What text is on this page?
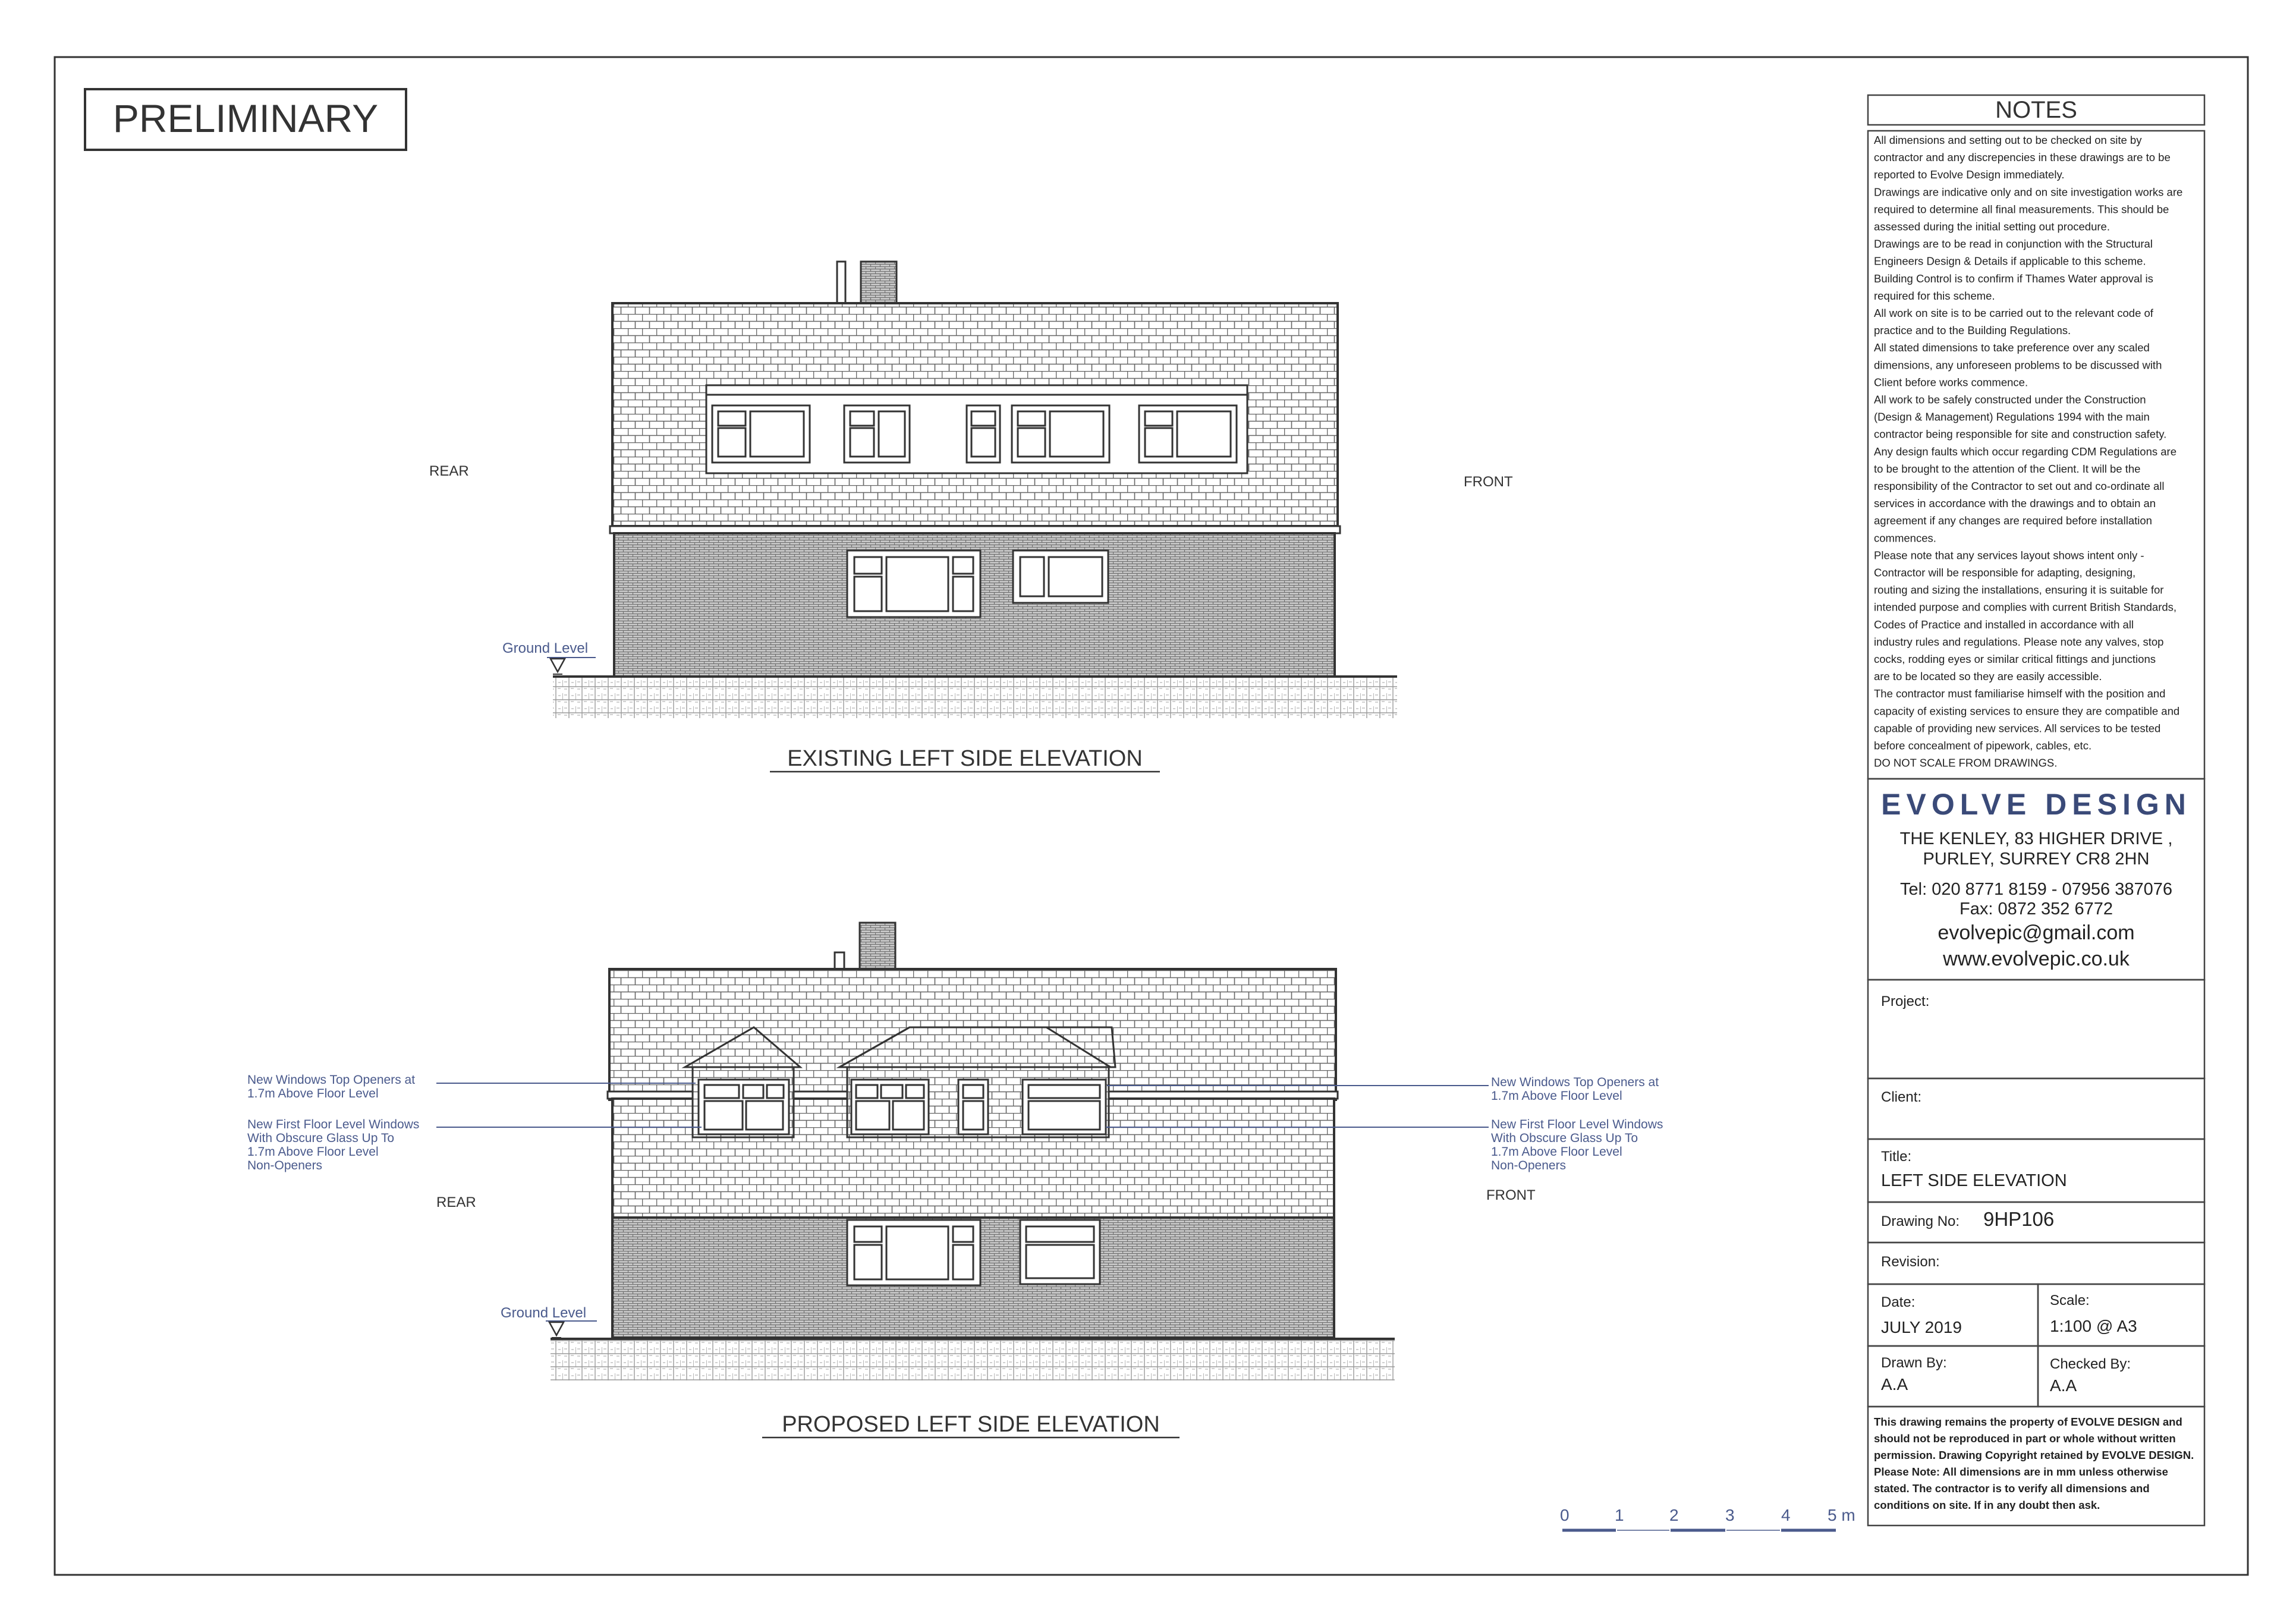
PRELIMINARY
Ground Level
REAR
FRONT
EXISTING LEFT SIDE ELEVATION
Ground Level
REAR	FRONT
New Windows Top Openers at
1.7m Above Floor Level
New First Floor Level Windows
With Obscure Glass Up To
1.7m Above Floor Level
Non-Openers
New Windows Top Openers at
1.7m Above Floor Level
New First Floor Level Windows
With Obscure Glass Up To
1.7m Above Floor Level
Non-Openers
PROPOSED LEFT SIDE ELEVATION
0	1	2	3	4 5 m
NOTES
All dimensions and setting out to be checked on site by
contractor and any discrepencies in these drawings are to be
reported to Evolve Design immediately.
Drawings are indicative only and on site investigation works are
required to determine all final measurements. This should be
assessed during the initial setting out procedure.
Drawings are to be read in conjunction with the Structural
Engineers Design & Details if applicable to this scheme.
Building Control is to confirm if Thames Water approval is
required for this scheme.
All work on site is to be carried out to the relevant code of
practice and to the Building Regulations.
All stated dimensions to take preference over any scaled
dimensions, any unforeseen problems to be discussed with
Client before works commence.
All work to be safely constructed under the Construction
(Design & Management) Regulations 1994 with the main
contractor being responsible for site and construction safety.
Any design faults which occur regarding CDM Regulations are
to be brought to the attention of the Client. It will be the
responsibility of the Contractor to set out and co-ordinate all
services in accordance with the drawings and to obtain an
agreement if any changes are required before installation
commences.
Please note that any services layout shows intent only -
Contractor will be responsible for adapting, designing,
routing and sizing the installations, ensuring it is suitable for
intended purpose and complies with current British Standards,
Codes of Practice and installed in accordance with all
industry rules and regulations. Please note any valves, stop
cocks, rodding eyes or similar critical fittings and junctions
are to be located so they are easily accessible.
The contractor must familiarise himself with the position and
capacity of existing services to ensure they are compatible and
capable of providing new services. All services to be tested
before concealment of pipework, cables, etc.
DO NOT SCALE FROM DRAWINGS.
EVOLVE DESIGN
THE KENLEY, 83 HIGHER DRIVE ,
PURLEY, SURREY CR8 2HN
Tel: 020 8771 8159 - 07956 387076
Fax: 0872 352 6772
evolvepic@gmail.com
www.evolvepic.co.uk
Project:
Client:
Title:
LEFT SIDE ELEVATION
Drawing No: 9HP106
Revision:
Date:
JULY 2019
Scale:
1:100 @ A3
Drawn By:
A.A
Checked By:
A.A
This drawing remains the property of EVOLVE DESIGN and
should not be reproduced in part or whole without written
permission. Drawing Copyright retained by EVOLVE DESIGN.
Please Note: All dimensions are in mm unless otherwise
stated. The contractor is to verify all dimensions and
conditions on site. If in any doubt then ask.
